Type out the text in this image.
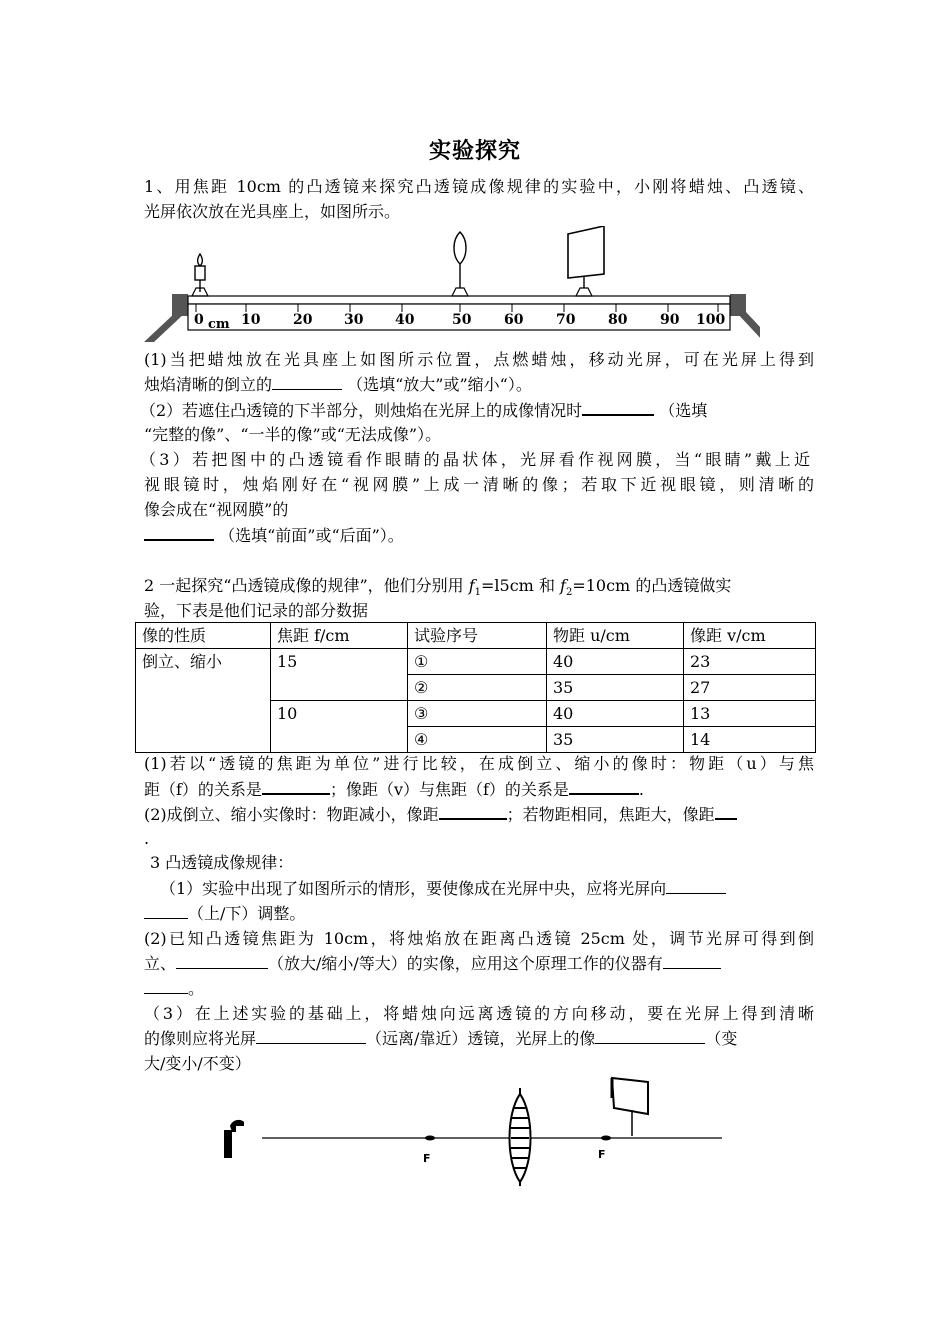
实验探究
1、用焦距 10cm 的凸透镜来探究凸透镜成像规律的实验中，小刚将蜡烛、凸透镜、
光屏依次放在光具座上，如图所示。
0 cm 10 20 30 40	50 60 70 80 90 100
(1)当把蜡烛放在光具座上如图所示位置，点燃蜡烛，移动光屏，可在光屏上得到
烛焰清晰的倒立的	（选填“放大”或”缩小“）。
（2）若遮住凸透镜的下半部分，则烛焰在光屏上的成像情况时	（选填
“完整的像”、“一半的像”或“无法成像”）。
（3）若把图中的凸透镜看作眼睛的晶状体，光屏看作视网膜，当“眼睛”戴上近
视眼镜时，烛焰刚好在“视网膜”上成一清晰的像；若取下近视眼镜，则清晰的
像会成在“视网膜”的
（选填“前面”或“后面”）。
2 一起探究“凸透镜成像的规律”，他们分别用 $f_1=l5cm$ 和 $f_2=10cm$ 的凸透镜做实
验，下表是他们记录的部分数据
像的性质	焦距 f/cm	试验序号	物距 u/cm	像距 v/cm
倒立、缩小	15	①	40	23
		②	35	27
	10	③	40	13
		④	35	14
(1)若以“透镜的焦距为单位”进行比较，在成倒立、缩小的像时：物距（u）与焦
距（f）的关系是	；像距（v）与焦距（f）的关系是	.
(2)成倒立、缩小实像时：物距减小，像距	；若物距相同，焦距大，像距
.
3 凸透镜成像规律：
（1）实验中出现了如图所示的情形，要使像成在光屏中央，应将光屏向
（上/下）调整。
(2)已知凸透镜焦距为 10cm，将烛焰放在距离凸透镜 25cm 处，调节光屏可得到倒
立、	（放大/缩小/等大）的实像，应用这个原理工作的仪器有
。
（3）在上述实验的基础上，将蜡烛向远离透镜的方向移动，要在光屏上得到清晰
的像则应将光屏	（远离/靠近）透镜，光屏上的像	（变
大/变小/不变）
F	F
